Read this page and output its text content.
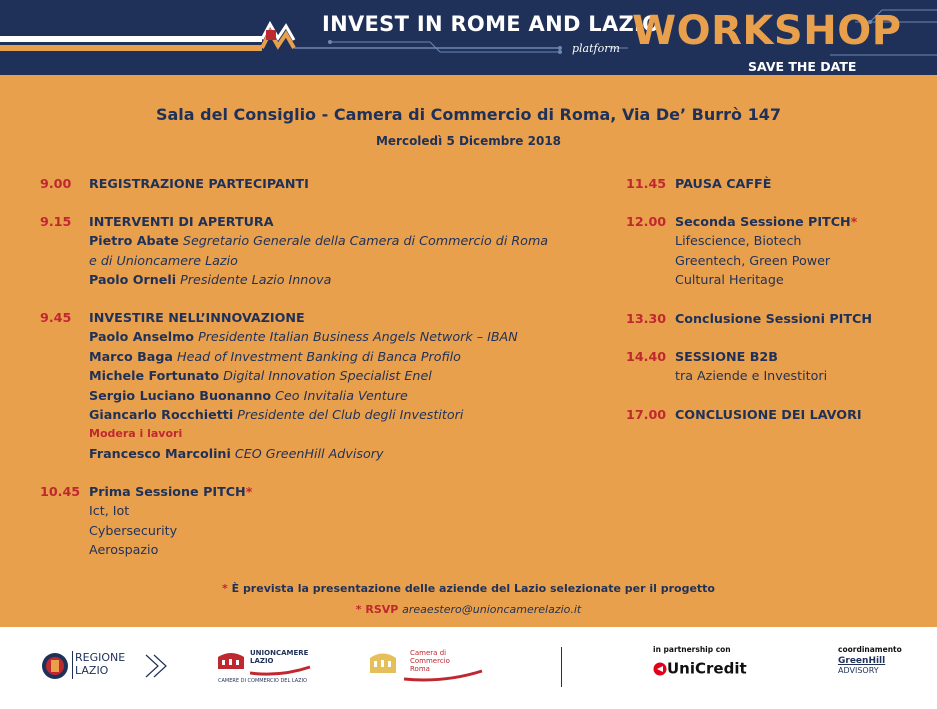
INVEST IN ROME AND LAZIO
platform WORKSHOP
SAVE THE DATE
Sala del Consiglio - Camera di Commercio di Roma, Via De’ Burrò 147
Mercoledì 5 Dicembre 2018
9.00 REGISTRAZIONE PARTECIPANTI
9.15 INTERVENTI DI APERTURA
Pietro Abate Segretario Generale della Camera di Commercio di Roma
e di Unioncamere Lazio
Paolo Orneli Presidente Lazio Innova
9.45 INVESTIRE NELL’INNOVAZIONE
Paolo Anselmo Presidente Italian Business Angels Network – IBAN
Marco Baga Head of Investment Banking di Banca Profilo
Michele Fortunato Digital Innovation Specialist Enel
Sergio Luciano Buonanno Ceo Invitalia Venture
Giancarlo Rocchietti Presidente del Club degli Investitori
Modera i lavori
Francesco Marcolini CEO GreenHill Advisory
10.45 Prima Sessione PITCH*
Ict, Iot
Cybersecurity
Aerospazio
11.45 PAUSA CAFFÈ
12.00 Seconda Sessione PITCH*
Lifescience, Biotech
Greentech, Green Power
Cultural Heritage
13.30 Conclusione Sessioni PITCH
14.40 SESSIONE B2B
tra Aziende e Investitori
17.00 CONCLUSIONE DEI LAVORI
* È prevista la presentazione delle aziende del Lazio selezionate per il progetto
* RSVP areaestero@unioncamerelazio.it
REGIONE
LAZIO
UNIONCAMERE
LAZIO
CAMERE DI COMMERCIO DEL LAZIO
Camera di Commercio
Roma
in partnership con
UniCredit
coordinamento
GreenHill
ADVISORY
